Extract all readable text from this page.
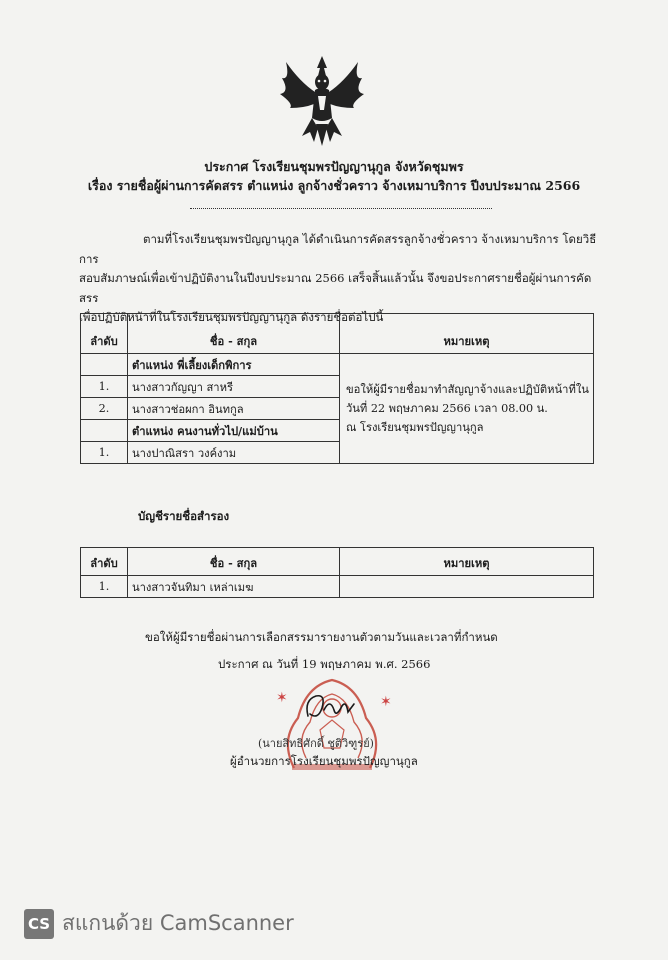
ประกาศ โรงเรียนชุมพรปัญญานุกูล จังหวัดชุมพร
เรื่อง รายชื่อผู้ผ่านการคัดสรร ตำแหน่ง ลูกจ้างชั่วคราว จ้างเหมาบริการ ปีงบประมาณ 2566
ตามที่โรงเรียนชุมพรปัญญานุกูล ได้ดำเนินการคัดสรรลูกจ้างชั่วคราว จ้างเหมาบริการ โดยวิธีการ
สอบสัมภาษณ์เพื่อเข้าปฏิบัติงานในปีงบประมาณ 2566 เสร็จสิ้นแล้วนั้น จึงขอประกาศรายชื่อผู้ผ่านการคัดสรร
เพื่อปฏิบัติหน้าที่ในโรงเรียนชุมพรปัญญานุกูล ดังรายชื่อต่อไปนี้
ลำดับ	ชื่อ - สกุล	หมายเหตุ
	ตำแหน่ง พี่เลี้ยงเด็กพิการ	ขอให้ผู้มีรายชื่อมาทำสัญญาจ้างและปฏิบัติหน้าที่ใน
วันที่ 22 พฤษภาคม 2566 เวลา 08.00 น.
ณ โรงเรียนชุมพรปัญญานุกูล

1.	นางสาวกัญญา สาหรี	
2.	นางสาวช่อผกา อินทกูล	
	ตำแหน่ง คนงานทั่วไป/แม่บ้าน	
1.	นางปาณิสรา วงค์งาม	
บัญชีรายชื่อสำรอง
ลำดับ	ชื่อ - สกุล	หมายเหตุ
1.	นางสาวจันทิมา เหล่าเมฆ	
ขอให้ผู้มีรายชื่อผ่านการเลือกสรรมารายงานตัวตามวันและเวลาที่กำหนด
ประกาศ ณ วันที่ 19 พฤษภาคม พ.ศ. 2566
✶	✶
(นายสิทธิศักดิ์ ชูติวิฑูรย์)
ผู้อำนวยการโรงเรียนชุมพรปัญญานุกูล
CS สแกนด้วย CamScanner
